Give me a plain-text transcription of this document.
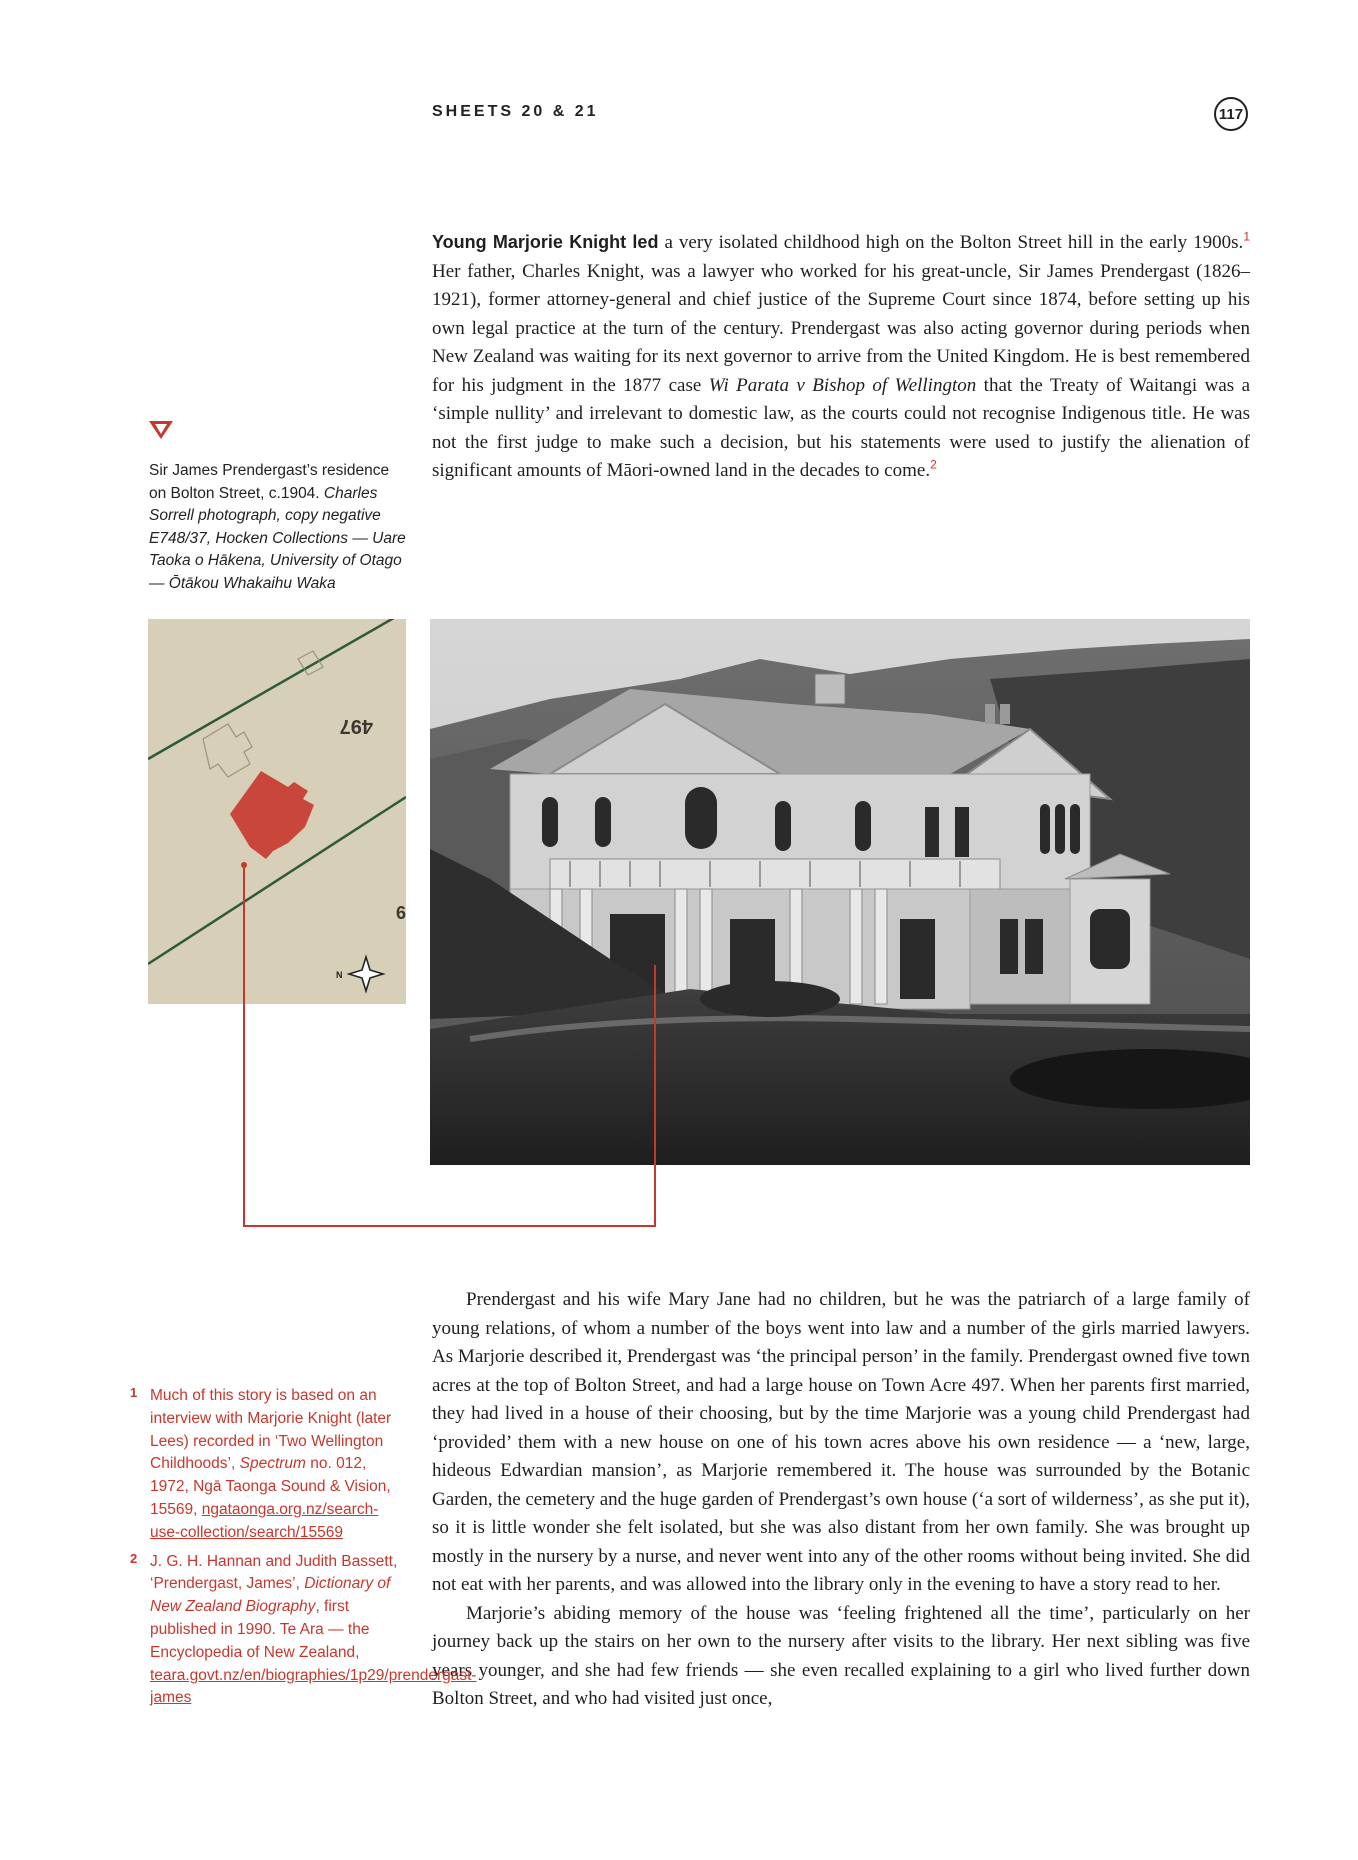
SHEETS 20 & 21	117

Young Marjorie Knight led a very isolated childhood high on the Bolton Street hill in the early 1900s.$^1$ Her father, Charles Knight, was a lawyer who worked for his great-uncle, Sir James Prendergast (1826–1921), former attorney-general and chief justice of the Supreme Court since 1874, before setting up his own legal practice at the turn of the century. Prendergast was also acting governor during periods when New Zealand was waiting for its next governor to arrive from the United Kingdom. He is best remembered for his judgment in the 1877 case Wi Parata v Bishop of Wellington that the Treaty of Waitangi was a ‘simple nullity’ and irrelevant to domestic law, as the courts could not recognise Indigenous title. He was not the first judge to make such a decision, but his statements were used to justify the alienation of significant amounts of Māori-owned land in the decades to come.$^2$

Sir James Prendergast’s residence on Bolton Street, c.1904. Charles Sorrell photograph, copy negative E748/37, Hocken Collections — Uare Taoka o Hākena, University of Otago — Ōtākou Whakaihu Waka
497
6
N

Prendergast and his wife Mary Jane had no children, but he was the patriarch of a large family of young relations, of whom a number of the boys went into law and a number of the girls married lawyers. As Marjorie described it, Prendergast was ‘the principal person’ in the family. Prendergast owned five town acres at the top of Bolton Street, and had a large house on Town Acre 497. When her parents first married, they had lived in a house of their choosing, but by the time Marjorie was a young child Prendergast had ‘provided’ them with a new house on one of his town acres above his own residence — a ‘new, large, hideous Edwardian mansion’, as Marjorie remembered it. The house was surrounded by the Botanic Garden, the cemetery and the huge garden of Prendergast’s own house (‘a sort of wilderness’, as she put it), so it is little wonder she felt isolated, but she was also distant from her own family. She was brought up mostly in the nursery by a nurse, and never went into any of the other rooms without being invited. She did not eat with her parents, and was allowed into the library only in the evening to have a story read to her.

Marjorie’s abiding memory of the house was ‘feeling frightened all the time’, particularly on her journey back up the stairs on her own to the nursery after visits to the library. Her next sibling was five years younger, and she had few friends — she even recalled explaining to a girl who lived further down Bolton Street, and who had visited just once,

1 Much of this story is based on an interview with Marjorie Knight (later Lees) recorded in ‘Two Wellington Childhoods’, Spectrum no. 012, 1972, Ngā Taonga Sound & Vision, 15569, ngataonga.org.nz/search-use-collection/search/15569
2 J. G. H. Hannan and Judith Bassett, ‘Prendergast, James’, Dictionary of New Zealand Biography, first published in 1990. Te Ara — the Encyclopedia of New Zealand, teara.govt.nz/en/biographies/1p29/prendergast-james
